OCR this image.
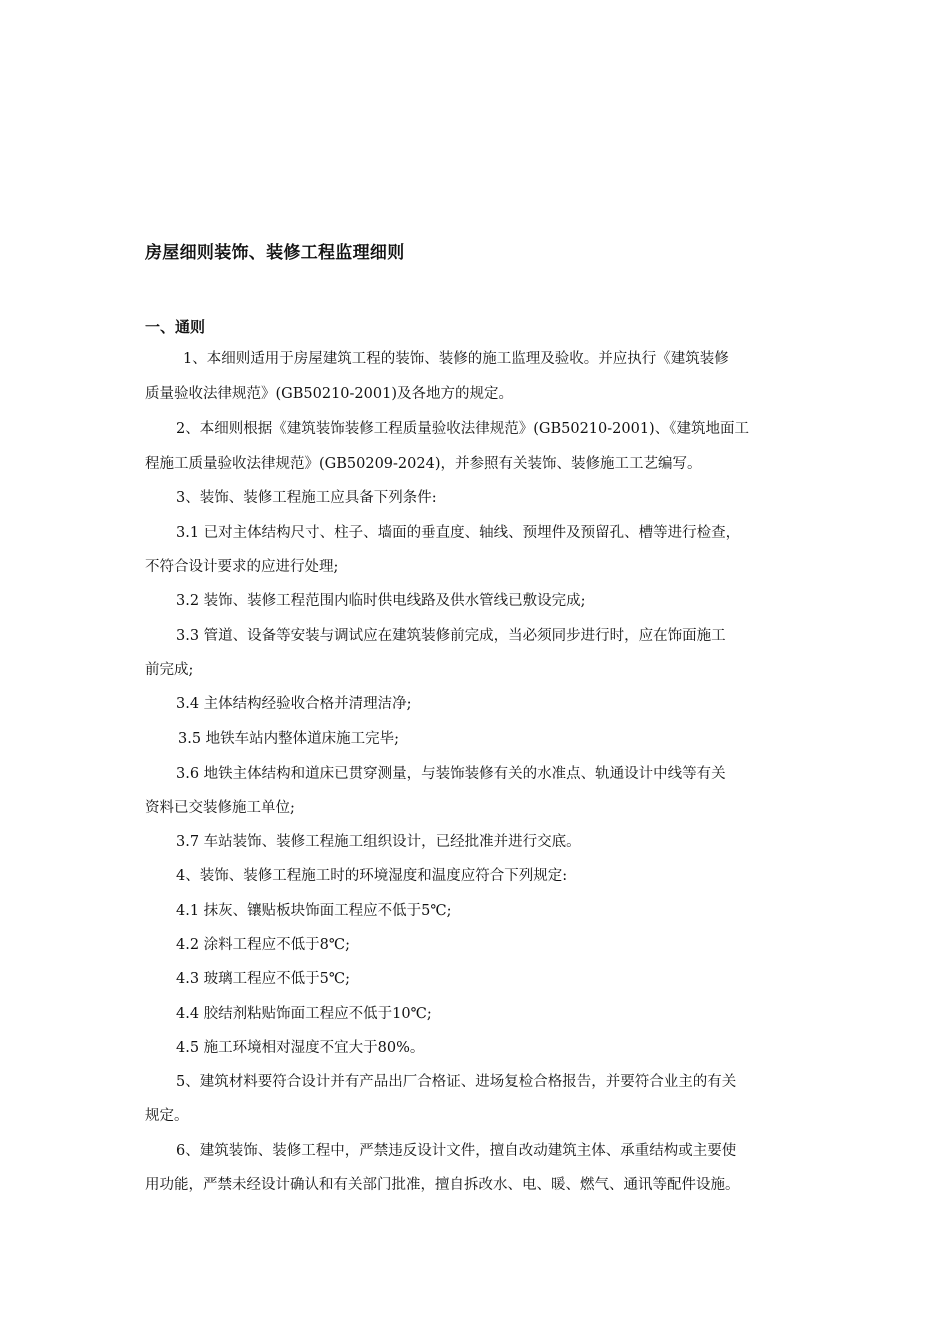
房屋细则装饰、装修工程监理细则
一、通则

1、本细则适用于房屋建筑工程的装饰、装修的施工监理及验收。并应执行《建筑装修

质量验收法律规范》(GB50210-2001)及各地方的规定。

2、本细则根据《建筑装饰装修工程质量验收法律规范》(GB50210-2001)、《建筑地面工

程施工质量验收法律规范》(GB50209-2024)，并参照有关装饰、装修施工工艺编写。

3、装饰、装修工程施工应具备下列条件:

3.1 已对主体结构尺寸、柱子、墙面的垂直度、轴线、预埋件及预留孔、槽等进行检查，

不符合设计要求的应进行处理;

3.2 装饰、装修工程范围内临时供电线路及供水管线已敷设完成;

3.3 管道、设备等安装与调试应在建筑装修前完成，当必须同步进行时，应在饰面施工

前完成;

3.4 主体结构经验收合格并清理洁净;

3.5 地铁车站内整体道床施工完毕;

3.6 地铁主体结构和道床已贯穿测量，与装饰装修有关的水准点、轨通设计中线等有关

资料已交装修施工单位;

3.7 车站装饰、装修工程施工组织设计，已经批准并进行交底。

4、装饰、装修工程施工时的环境湿度和温度应符合下列规定:

4.1 抹灰、镶贴板块饰面工程应不低于5℃;

4.2 涂料工程应不低于8℃;

4.3 玻璃工程应不低于5℃;

4.4 胶结剂粘贴饰面工程应不低于10℃;

4.5 施工环境相对湿度不宜大于80%。

5、建筑材料要符合设计并有产品出厂合格证、进场复检合格报告，并要符合业主的有关

规定。

6、建筑装饰、装修工程中，严禁违反设计文件，擅自改动建筑主体、承重结构或主要使

用功能，严禁未经设计确认和有关部门批准，擅自拆改水、电、暖、燃气、通讯等配件设施。
